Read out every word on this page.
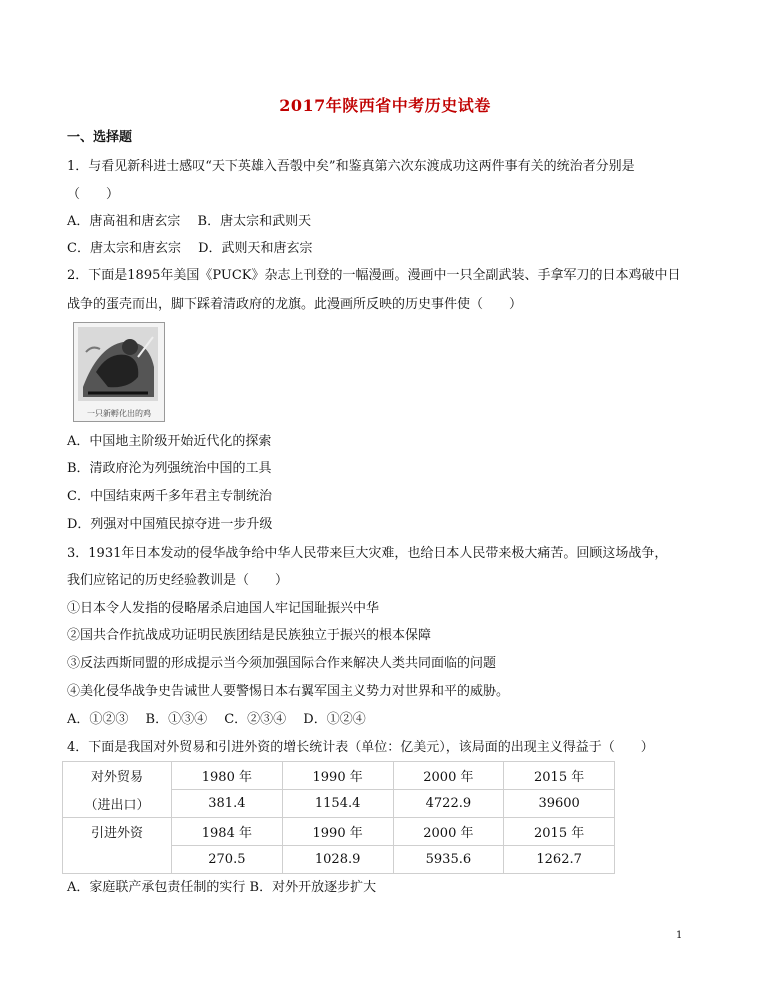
2017年陕西省中考历史试卷
一、选择题
1．与看见新科进士感叹“天下英雄入吾彀中矣”和鉴真第六次东渡成功这两件事有关的统治者分别是
（　　）
A．唐高祖和唐玄宗　 B．唐太宗和武则天
C．唐太宗和唐玄宗　 D．武则天和唐玄宗
2．下面是1895年美国《PUCK》杂志上刊登的一幅漫画。漫画中一只全副武装、手拿军刀的日本鸡破中日
战争的蛋壳而出，脚下踩着清政府的龙旗。此漫画所反映的历史事件使（　　）
一只新孵化出的鸡
A．中国地主阶级开始近代化的探索
B．清政府沦为列强统治中国的工具
C．中国结束两千多年君主专制统治
D．列强对中国殖民掠夺进一步升级
3．1931年日本发动的侵华战争给中华人民带来巨大灾难，也给日本人民带来极大痛苦。回顾这场战争，
我们应铭记的历史经验教训是（　　）
①日本令人发指的侵略屠杀启迪国人牢记国耻振兴中华
②国共合作抗战成功证明民族团结是民族独立于振兴的根本保障
③反法西斯同盟的形成提示当今须加强国际合作来解决人类共同面临的问题
④美化侵华战争史告诫世人要警惕日本右翼军国主义势力对世界和平的威胁。
A．①②③　 B．①③④　 C．②③④　 D．①②④
4．下面是我国对外贸易和引进外资的增长统计表（单位：亿美元），该局面的出现主义得益于（　　）
对外贸易	1980 年	1990 年	2000 年	2015 年
（进出口）	381.4	1154.4	4722.9	39600
引进外资	1984 年	1990 年	2000 年	2015 年
	270.5	1028.9	5935.6	1262.7
A．家庭联产承包责任制的实行 B．对外开放逐步扩大
1
